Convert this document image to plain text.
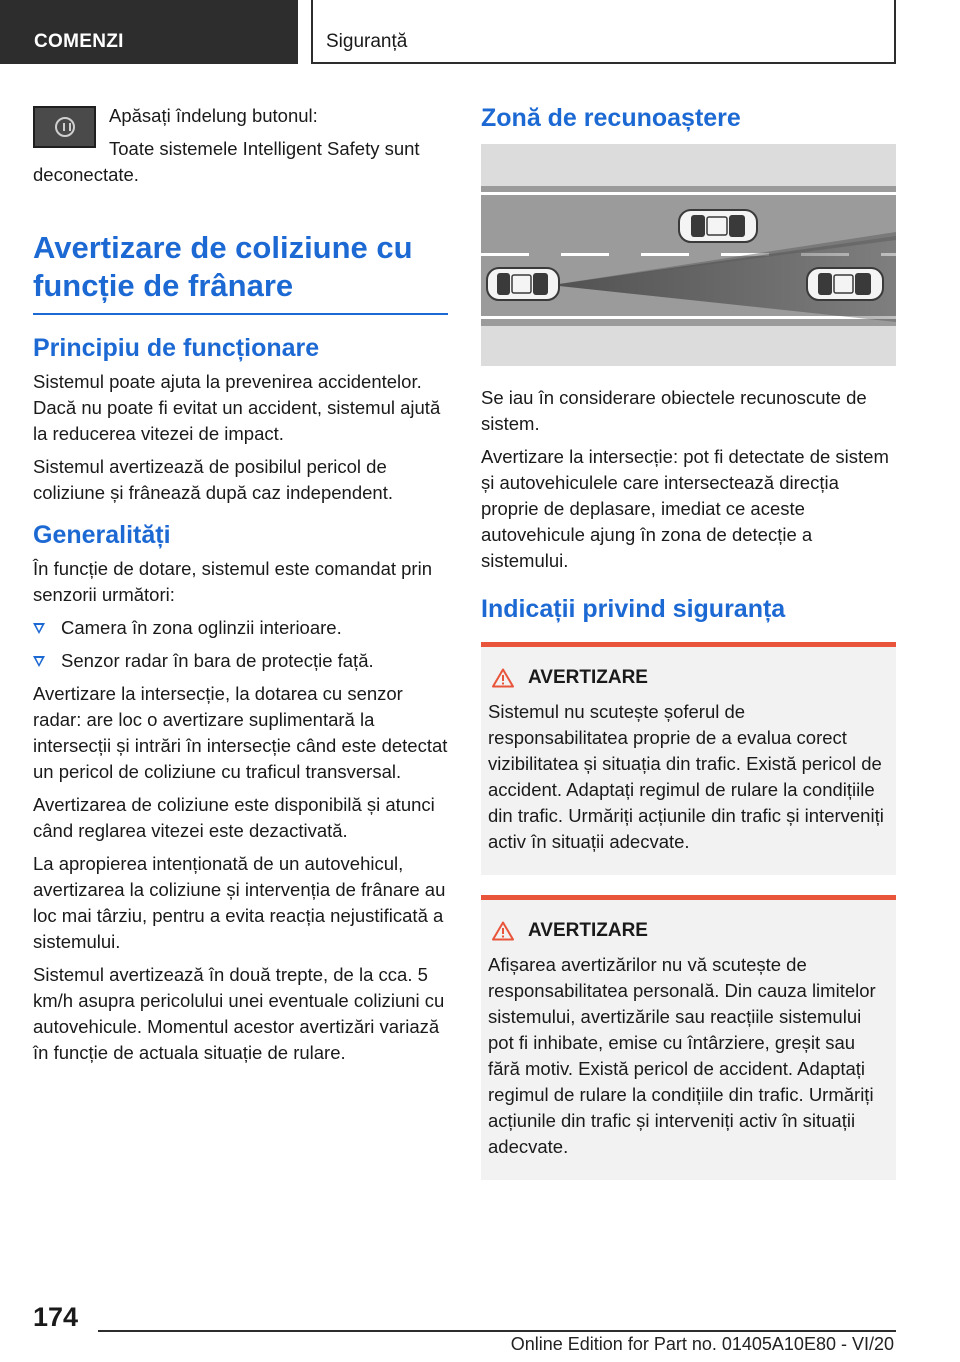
COMENZI	Siguranță

Apăsați îndelung butonul:

Toate sistemele Intelligent Safety sunt deconectate.

Avertizare de coliziune cu funcție de frânare
Principiu de funcționare

Sistemul poate ajuta la prevenirea accidentelor. Dacă nu poate fi evitat un accident, sistemul ajută la reducerea vitezei de impact.

Sistemul avertizează de posibilul pericol de coliziune și frânează după caz independent.

Generalități

În funcție de dotare, sistemul este comandat prin senzorii următori:

Camera în zona oglinzii interioare.
Senzor radar în bara de protecție față.

Avertizare la intersecție, la dotarea cu senzor radar: are loc o avertizare suplimentară la intersecții și intrări în intersecție când este detectat un pericol de coliziune cu traficul transversal.

Avertizarea de coliziune este disponibilă și atunci când reglarea vitezei este dezactivată.

La apropierea intenționată de un autovehicul, avertizarea la coliziune și intervenția de frânare au loc mai târziu, pentru a evita reacția nejustificată a sistemului.

Sistemul avertizează în două trepte, de la cca. 5 km/h asupra pericolului unei eventuale coliziuni cu autovehicule. Momentul acestor avertizări variază în funcție de actuala situație de rulare.

Zonă de recunoaștere

Se iau în considerare obiectele recunoscute de sistem.

Avertizare la intersecție: pot fi detectate de sistem și autovehiculele care intersectează direcția proprie de deplasare, imediat ce aceste autovehicule ajung în zona de detecție a sistemului.

Indicații privind siguranța
AVERTIZARE

Sistemul nu scutește șoferul de responsabilitatea proprie de a evalua corect vizibilitatea și situația din trafic. Există pericol de accident. Adaptați regimul de rulare la condițiile din trafic. Urmăriți acțiunile din trafic și interveniți activ în situații adecvate.

AVERTIZARE

Afișarea avertizărilor nu vă scutește de responsabilitatea personală. Din cauza limitelor sistemului, avertizările sau reacțiile sistemului pot fi inhibate, emise cu întârziere, greșit sau fără motiv. Există pericol de accident. Adaptați regimul de rulare la condițiile din trafic. Urmăriți acțiunile din trafic și interveniți activ în situații adecvate.

174
Online Edition for Part no. 01405A10E80 - VI/20
